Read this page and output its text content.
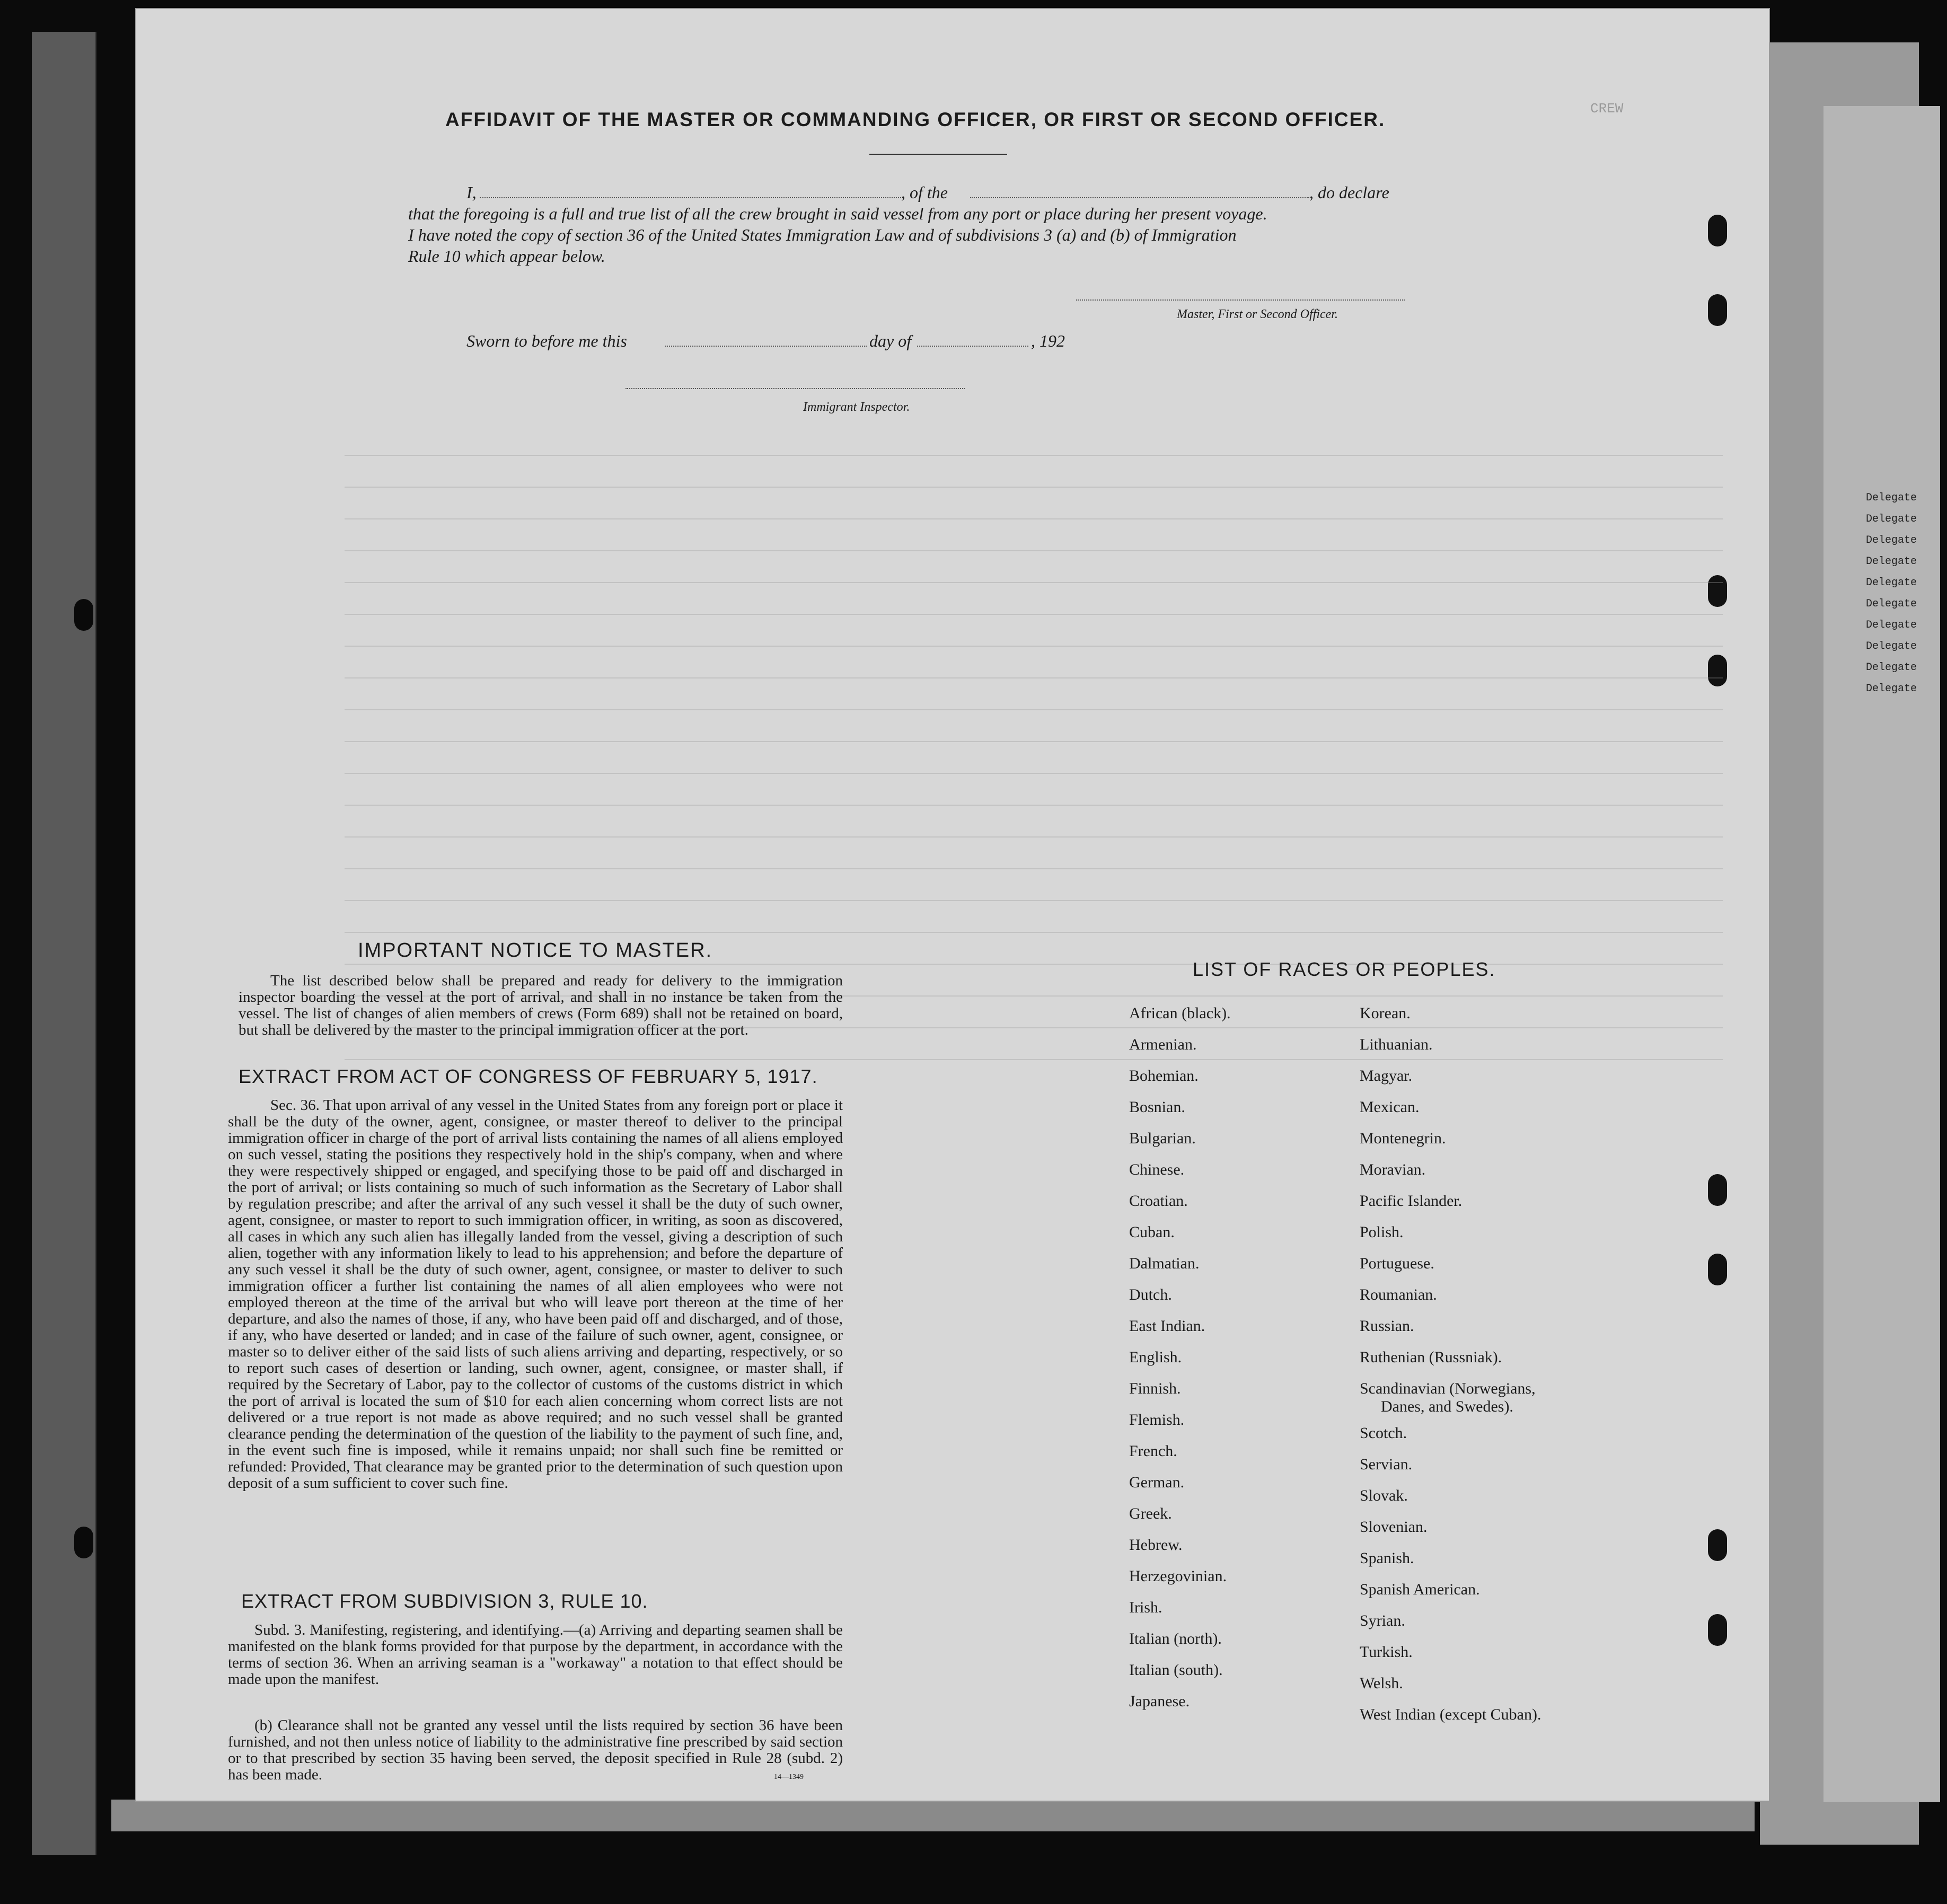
CREW
Delegate
Delegate
Delegate
Delegate
Delegate
Delegate
Delegate
Delegate
Delegate
Delegate
AFFIDAVIT OF THE MASTER OR COMMANDING OFFICER, OR FIRST OR SECOND OFFICER.
I,	, of the	, do declare
that the foregoing is a full and true list of all the crew brought in said vessel from any port or place during her present voyage.
I have noted the copy of section 36 of the United States Immigration Law and of subdivisions 3 (a) and (b) of Immigration
Rule 10 which appear below.
Master, First or Second Officer.
Sworn to before me this	day of	, 192
Immigrant Inspector.
IMPORTANT NOTICE TO MASTER.
The list described below shall be prepared and ready for delivery to the immigration inspector boarding the vessel at the port of arrival, and shall in no instance be taken from the vessel. The list of changes of alien members of crews (Form 689) shall not be retained on board, but shall be delivered by the master to the principal immigration officer at the port.
EXTRACT FROM ACT OF CONGRESS OF FEBRUARY 5, 1917.
Sec. 36. That upon arrival of any vessel in the United States from any foreign port or place it shall be the duty of the owner, agent, consignee, or master thereof to deliver to the principal immigration officer in charge of the port of arrival lists containing the names of all aliens employed on such vessel, stating the positions they respectively hold in the ship's company, when and where they were respectively shipped or engaged, and specifying those to be paid off and discharged in the port of arrival; or lists containing so much of such information as the Secretary of Labor shall by regulation prescribe; and after the arrival of any such vessel it shall be the duty of such owner, agent, consignee, or master to report to such immigration officer, in writing, as soon as discovered, all cases in which any such alien has illegally landed from the vessel, giving a description of such alien, together with any information likely to lead to his apprehension; and before the departure of any such vessel it shall be the duty of such owner, agent, consignee, or master to deliver to such immigration officer a further list containing the names of all alien employees who were not employed thereon at the time of the arrival but who will leave port thereon at the time of her departure, and also the names of those, if any, who have been paid off and discharged, and of those, if any, who have deserted or landed; and in case of the failure of such owner, agent, consignee, or master so to deliver either of the said lists of such aliens arriving and departing, respectively, or so to report such cases of desertion or landing, such owner, agent, consignee, or master shall, if required by the Secretary of Labor, pay to the collector of customs of the customs district in which the port of arrival is located the sum of $10 for each alien concerning whom correct lists are not delivered or a true report is not made as above required; and no such vessel shall be granted clearance pending the determination of the question of the liability to the payment of such fine, and, in the event such fine is imposed, while it remains unpaid; nor shall such fine be remitted or refunded: Provided, That clearance may be granted prior to the determination of such question upon deposit of a sum sufficient to cover such fine.
EXTRACT FROM SUBDIVISION 3, RULE 10.
Subd. 3. Manifesting, registering, and identifying.—(a) Arriving and departing seamen shall be manifested on the blank forms provided for that purpose by the department, in accordance with the terms of section 36. When an arriving seaman is a "workaway" a notation to that effect should be made upon the manifest.
(b) Clearance shall not be granted any vessel until the lists required by section 36 have been furnished, and not then unless notice of liability to the administrative fine prescribed by said section or to that prescribed by section 35 having been served, the deposit specified in Rule 28 (subd. 2) has been made.	14—1349
LIST OF RACES OR PEOPLES.
African (black).
Armenian.
Bohemian.
Bosnian.
Bulgarian.
Chinese.
Croatian.
Cuban.
Dalmatian.
Dutch.
East Indian.
English.
Finnish.
Flemish.
French.
German.
Greek.
Hebrew.
Herzegovinian.
Irish.
Italian (north).
Italian (south).
Japanese.
Korean.
Lithuanian.
Magyar.
Mexican.
Montenegrin.
Moravian.
Pacific Islander.
Polish.
Portuguese.
Roumanian.
Russian.
Ruthenian (Russniak).
Scandinavian (Norwegians,
Danes, and Swedes).
Scotch.
Servian.
Slovak.
Slovenian.
Spanish.
Spanish American.
Syrian.
Turkish.
Welsh.
West Indian (except Cuban).
